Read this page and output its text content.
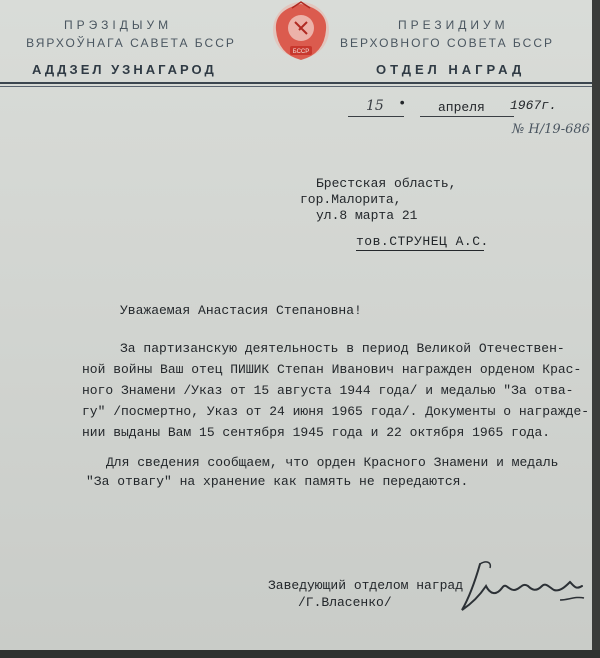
ПРЭЗIДЫУМ
ВЯРХОЎНАГА САВЕТА БССР
АДДЗЕЛ УЗНАГАРОД
БССР
ПРЕЗИДИУМ
ВЕРХОВНОГО СОВЕТА БССР
ОТДЕЛ НАГРАД
15 • апреля 1967г.
№ Н/19-686
Брестская область,
гор.Малорита,
ул.8 марта 21
тов.СТРУНЕЦ А.С.
Уважаемая Анастасия Степановна!
За партизанскую деятельность в период Великой Отечествен-
ной войны Ваш отец ПИШИК Степан Иванович награжден орденом Крас-
ного Знамени /Указ от 15 августа 1944 года/ и медалью "За отва-
гу" /посмертно, Указ от 24 июня 1965 года/. Документы о награжде-
нии выданы Вам 15 сентября 1945 года и 22 октября 1965 года.
Для сведения сообщаем, что орден Красного Знамени и медаль
"За отвагу" на хранение как память не передаются.
Заведующий отделом наград
/Г.Власенко/
